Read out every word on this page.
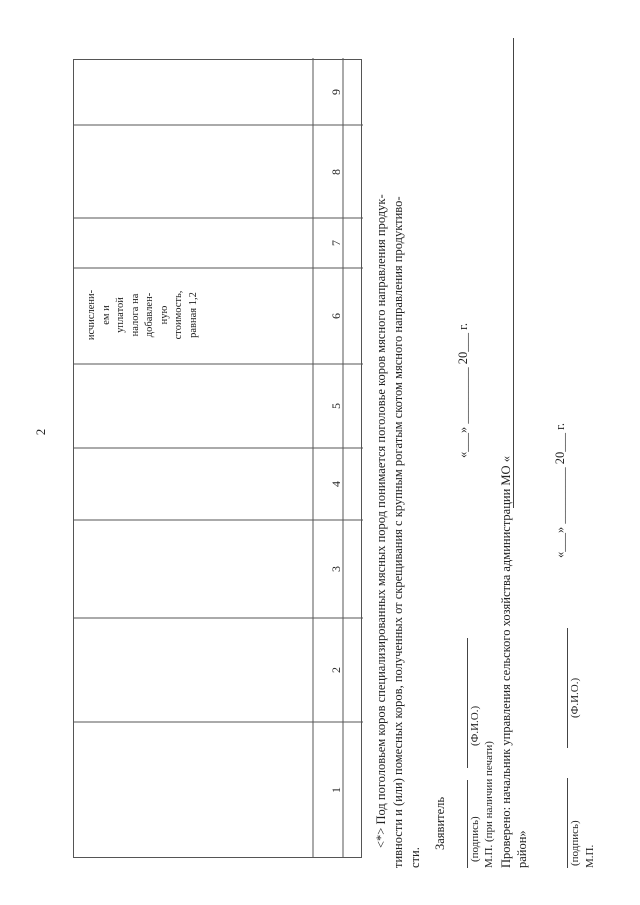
2
1
2
3
4
5
6
7
8
9
исчислени- ем и уплатой налога на добавлен- ную стоимость, равная 1,2	<*> Под поголовьем коров специализированных мясных пород понимается поголовье коров мясного направления продук- тивности и (или) помесных коров, полученных от скрещивания с крупным рогатым скотом мясного направления продуктиво- сти.
Заявитель
«___» _________ 20___ г.
(подпись)
(Ф.И.О.)
М.П. (при наличии печати) Проверено: начальник управления сельского хозяйства администрации МО « район»
«___» _________ 20___ г.
(подпись)
(Ф.И.О.)
М.П.
